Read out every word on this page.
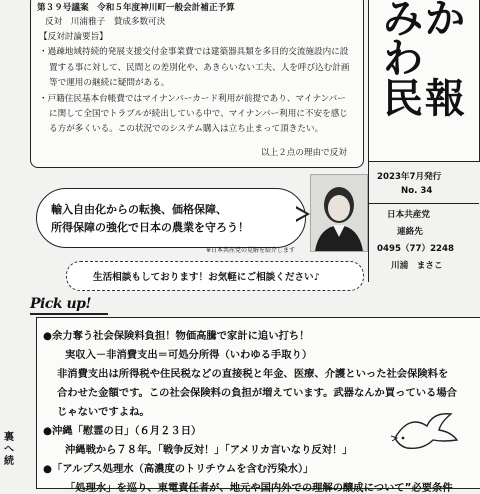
第３９号議案　令和５年度神川町一般会計補正予算
反対　川浦雅子　賛成多数可決
【反対討論要旨】
・過疎地域持続的発展支援交付金事業費では建築器具類を多目的交流施設内に設
置する事に対して、民間との差別化や、あきらいない工夫、人を呼び込む計画
等で運用の継続に疑問がある。
・戸籍住民基本台帳費ではマイナンバーカード利用が前提であり、マイナンバー
に関して全国でトラブルが続出している中で、マイナンバー利用に不安を感じ
る方が多くいる。この状況でのシステム購入は立ち止まって頂きたい。
以上２点の理由で反対
みかわ
民報
2023年7月発行
No. 34
日本共産党
連絡先
0495（77）2248
川浦　まさこ
輸入自由化からの転換、価格保障、
所得保障の強化で日本の農業を守ろう！
※日本共産党の見解を紹介します
生活相談もしております！お気軽にご相談ください♪
Pick up!
●余力奪う社会保険料負担！物価高騰で家計に追い打ち！
実収入－非消費支出＝可処分所得（いわゆる手取り）
非消費支出は所得税や住民税などの直接税と年金、医療、介護といった社会保険料を
合わせた金額です。この社会保険料の負担が増えています。武器なんか買っている場合
じゃないですよね。
●沖縄「慰霊の日」（６月２３日）
沖縄戦から７８年。「戦争反対！」「アメリカ言いなり反対！」
●「アルプス処理水（高濃度のトリチウムを含む汚染水）」
「処理水」を巡り、東電責任者が、地元や国内外での理解の醸成について”必要条件
裏へ続
